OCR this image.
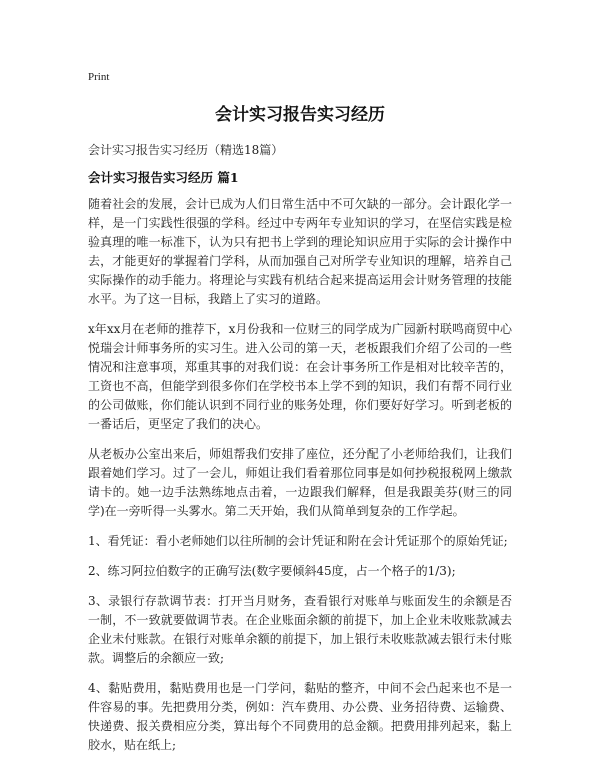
Print
会计实习报告实习经历
会计实习报告实习经历（精选18篇）
会计实习报告实习经历 篇1

随着社会的发展，会计已成为人们日常生活中不可欠缺的一部分。会计跟化学一样，是一门实践性很强的学科。经过中专两年专业知识的学习，在坚信实践是检验真理的唯一标准下，认为只有把书上学到的理论知识应用于实际的会计操作中去，才能更好的掌握着门学科，从而加强自己对所学专业知识的理解，培养自己实际操作的动手能力。将理论与实践有机结合起来提高运用会计财务管理的技能水平。为了这一目标，我踏上了实习的道路。

x年xx月在老师的推荐下，x月份我和一位财三的同学成为广园新村联鸣商贸中心悦瑞会计师事务所的实习生。进入公司的第一天，老板跟我们介绍了公司的一些情况和注意事项，郑重其事的对我们说：在会计事务所工作是相对比较辛苦的，工资也不高，但能学到很多你们在学校书本上学不到的知识，我们有帮不同行业的公司做账，你们能认识到不同行业的账务处理，你们要好好学习。听到老板的一番话后，更坚定了我们的决心。

从老板办公室出来后，师姐帮我们安排了座位，还分配了小老师给我们，让我们跟着她们学习。过了一会儿，师姐让我们看着那位同事是如何抄税报税网上缴款请卡的。她一边手法熟练地点击着，一边跟我们解释，但是我跟美芬(财三的同学)在一旁听得一头雾水。第二天开始，我们从简单到复杂的工作学起。

1、看凭证：看小老师她们以往所制的会计凭证和附在会计凭证那个的原始凭证;

2、练习阿拉伯数字的正确写法(数字要倾斜45度，占一个格子的1/3);

3、录银行存款调节表：打开当月财务，查看银行对账单与账面发生的余额是否一制，不一致就要做调节表。在企业账面余额的前提下，加上企业未收账款减去企业未付账款。在银行对账单余额的前提下，加上银行未收账款减去银行未付账款。调整后的余额应一致;

4、黏贴费用，黏贴费用也是一门学问，黏贴的整齐，中间不会凸起来也不是一件容易的事。先把费用分类，例如：汽车费用、办公费、业务招待费、运输费、快递费、报关费相应分类，算出每个不同费用的总金额。把费用排列起来，黏上胶水，贴在纸上;
